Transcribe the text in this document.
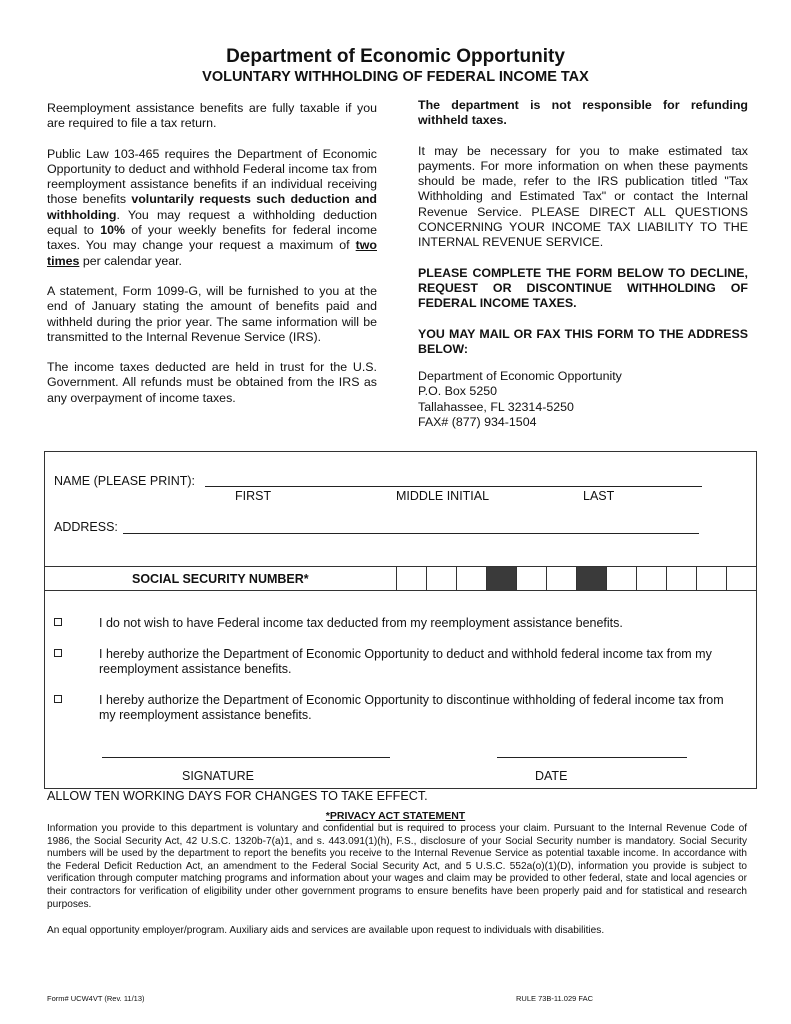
Department of Economic Opportunity
VOLUNTARY WITHHOLDING OF FEDERAL INCOME TAX

Reemployment assistance benefits are fully taxable if you are required to file a tax return.

Public Law 103-465 requires the Department of Economic Opportunity to deduct and withhold Federal income tax from reemployment assistance benefits if an individual receiving those benefits voluntarily requests such deduction and withholding. You may request a withholding deduction equal to 10% of your weekly benefits for federal income taxes. You may change your request a maximum of two times per calendar year.

A statement, Form 1099-G, will be furnished to you at the end of January stating the amount of benefits paid and withheld during the prior year. The same information will be transmitted to the Internal Revenue Service (IRS).

The income taxes deducted are held in trust for the U.S. Government. All refunds must be obtained from the IRS as any overpayment of income taxes.

The department is not responsible for refunding withheld taxes.

It may be necessary for you to make estimated tax payments. For more information on when these payments should be made, refer to the IRS publication titled "Tax Withholding and Estimated Tax" or contact the Internal Revenue Service. PLEASE DIRECT ALL QUESTIONS CONCERNING YOUR INCOME TAX LIABILITY TO THE INTERNAL REVENUE SERVICE.

PLEASE COMPLETE THE FORM BELOW TO DECLINE, REQUEST OR DISCONTINUE WITHHOLDING OF FEDERAL INCOME TAXES.

YOU MAY MAIL OR FAX THIS FORM TO THE ADDRESS BELOW:

Department of Economic Opportunity
P.O. Box 5250
Tallahassee, FL 32314-5250
FAX# (877) 934-1504

NAME (PLEASE PRINT):
FIRST	MIDDLE INITIAL	LAST
ADDRESS:
SOCIAL SECURITY NUMBER*
I do not wish to have Federal income tax deducted from my reemployment assistance benefits.
I hereby authorize the Department of Economic Opportunity to deduct and withhold federal income tax from my reemployment assistance benefits.
I hereby authorize the Department of Economic Opportunity to discontinue withholding of federal income tax from my reemployment assistance benefits.
SIGNATURE	DATE
ALLOW TEN WORKING DAYS FOR CHANGES TO TAKE EFFECT.
*PRIVACY ACT STATEMENT
Information you provide to this department is voluntary and confidential but is required to process your claim. Pursuant to the Internal Revenue Code of 1986, the Social Security Act, 42 U.S.C. 1320b-7(a)1, and s. 443.091(1)(h), F.S., disclosure of your Social Security number is mandatory. Social Security numbers will be used by the department to report the benefits you receive to the Internal Revenue Service as potential taxable income. In accordance with the Federal Deficit Reduction Act, an amendment to the Federal Social Security Act, and 5 U.S.C. 552a(o)(1)(D), information you provide is subject to verification through computer matching programs and information about your wages and claim may be provided to other federal, state and local agencies or their contractors for verification of eligibility under other government programs to ensure benefits have been properly paid and for statistical and research purposes.
An equal opportunity employer/program. Auxiliary aids and services are available upon request to individuals with disabilities.
Form# UCW4VT (Rev. 11/13)	RULE 73B-11.029 FAC
